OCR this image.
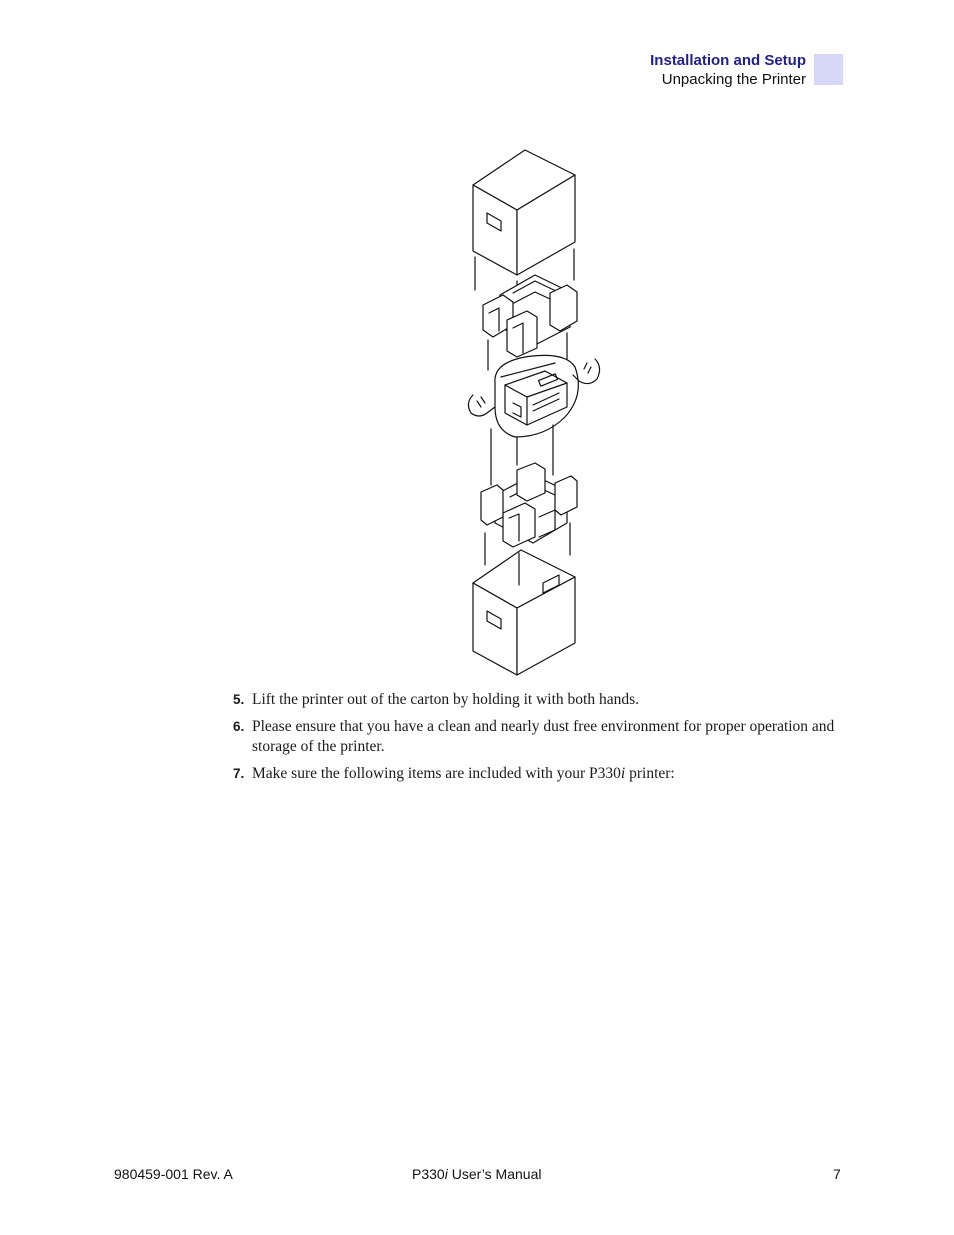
Installation and Setup
Unpacking the Printer
5. Lift the printer out of the carton by holding it with both hands.
6. Please ensure that you have a clean and nearly dust free environment for proper operation and storage of the printer.
7. Make sure the following items are included with your P330i printer:
980459-001 Rev. A	P330i User’s Manual	7
